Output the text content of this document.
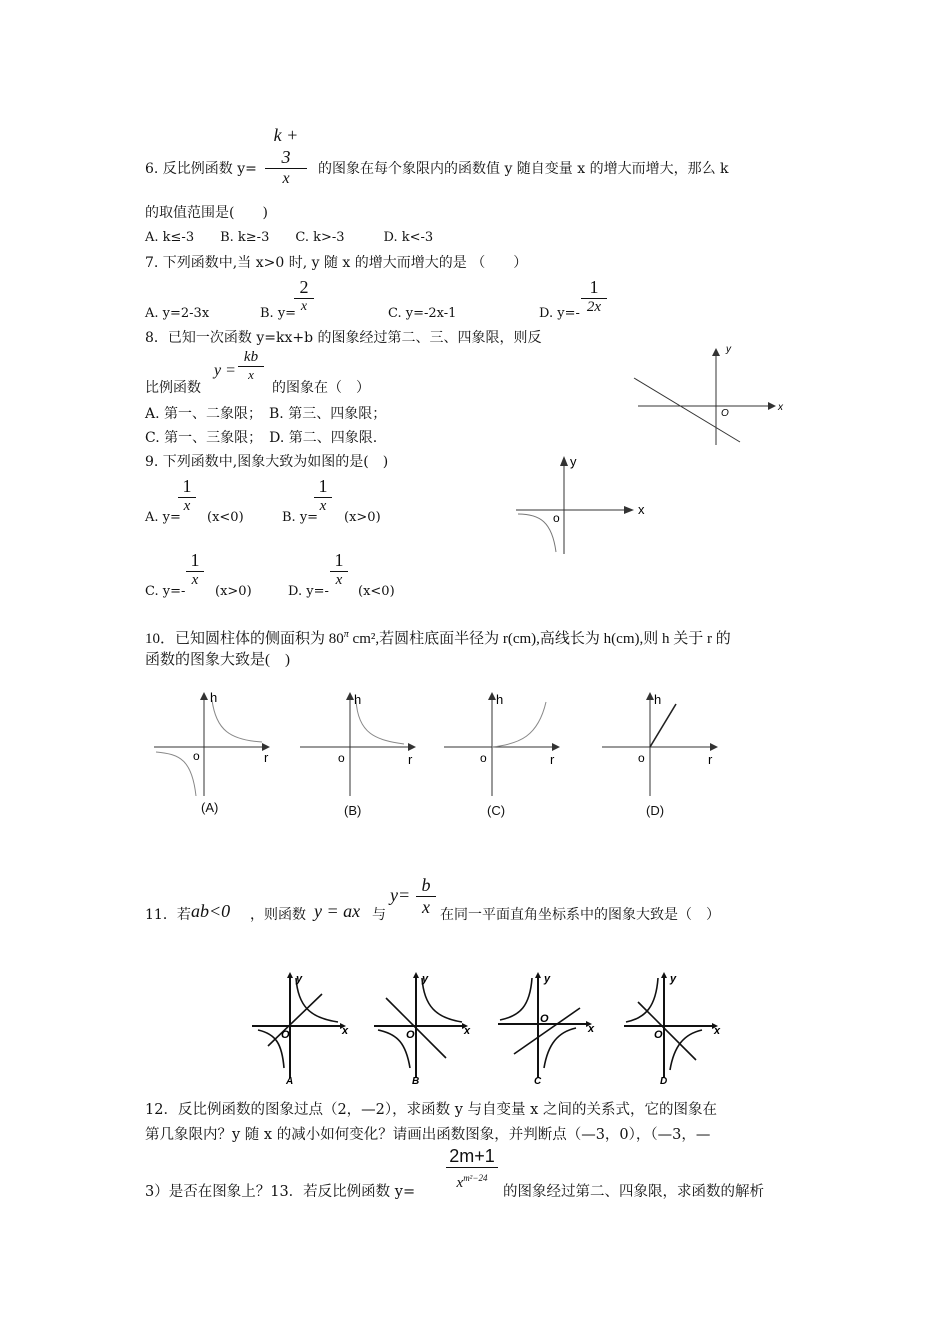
$\frac{k + 3}{x}$
6. 反比例函数 y=	的图象在每个象限内的函数值 y 随自变量 x 的增大而增大，那么 k
的取值范围是(　　)
A. k≤-3　　B. k≥-3　　C. k>-3　　　D. k<-3
7. 下列函数中,当 x>0 时, y 随 x 的增大而增大的是 （　　）
A. y=2-3x	B. y=
2
x	C. y=-2x-1	D. y=-
1
2x
8．已知一次函数 y=kx+b 的图象经过第二、三、四象限，则反
比例函数
$y = \frac{kb}{x}$
的图象在（　）
A. 第一、二象限；　B. 第三、四象限；
C. 第一、三象限；　D. 第二、四象限.
y
x
O
9. 下列函数中,图象大致为如图的是(　)
A. y=
1
x
(x<0)	B. y=
1
x
(x>0)
C. y=-
1
x
(x>0)	D. y=-
1
x
(x<0)
y
x
o
10．已知圆柱体的侧面积为 $80^\pi$ cm²,若圆柱底面半径为 r(cm),高线长为 h(cm),则 h 关于 r 的
函数的图象大致是(　)
h
r
o
(A)
h
r
o
(B)
h
r
o
(C)
h
r
o
(D)
11．若 ab<0 ，则函数 y = ax 与
$y= \frac{b}{x}$ 在同一平面直角坐标系中的图象大致是（　）
y
x
O
A
y
x
O
B
y
x
O
C
y
x
O
D
12．反比例函数的图象过点（2，—2），求函数 y 与自变量 x 之间的关系式，它的图象在
第几象限内？y 随 x 的减小如何变化？请画出函数图象，并判断点（—3，0），（—3，—
3）是否在图象上？13．若反比例函数 y=
2m+1
$x^{m^2-24}$
的图象经过第二、四象限，求函数的解析
